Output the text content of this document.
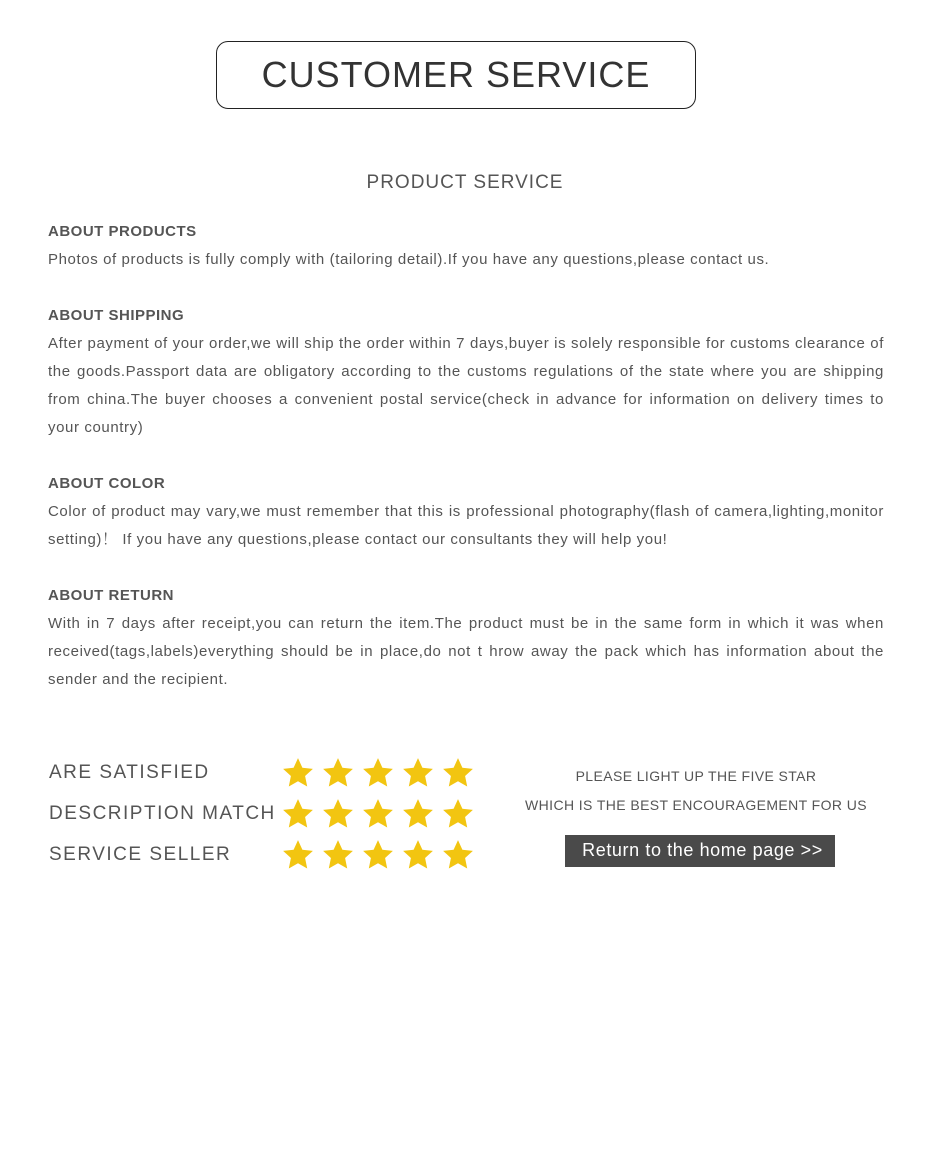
CUSTOMER SERVICE
PRODUCT SERVICE
ABOUT PRODUCTS

Photos of products is fully comply with (tailoring detail).If you have any questions,please contact us.

ABOUT SHIPPING

After payment of your order,we will ship the order within 7 days,buyer is solely responsible for customs clearance of the goods.Passport data are obligatory according to the customs regulations of the state where you are shipping from china.The buyer chooses a convenient postal service(check in advance for information on delivery times to your country)

ABOUT COLOR

Color of product may vary,we must remember that this is professional photography(flash of camera,lighting,monitor setting)！ If you have any questions,please contact our consultants they will help you!

ABOUT RETURN

With in 7 days after receipt,you can return the item.The product must be in the same form in which it was when received(tags,labels)everything should be in place,do not t hrow away the pack which has information about the sender and the recipient.

ARE SATISFIED
DESCRIPTION MATCH
SERVICE SELLER
PLEASE LIGHT UP THE FIVE STAR
WHICH IS THE BEST ENCOURAGEMENT FOR US
Return to the home page >>
